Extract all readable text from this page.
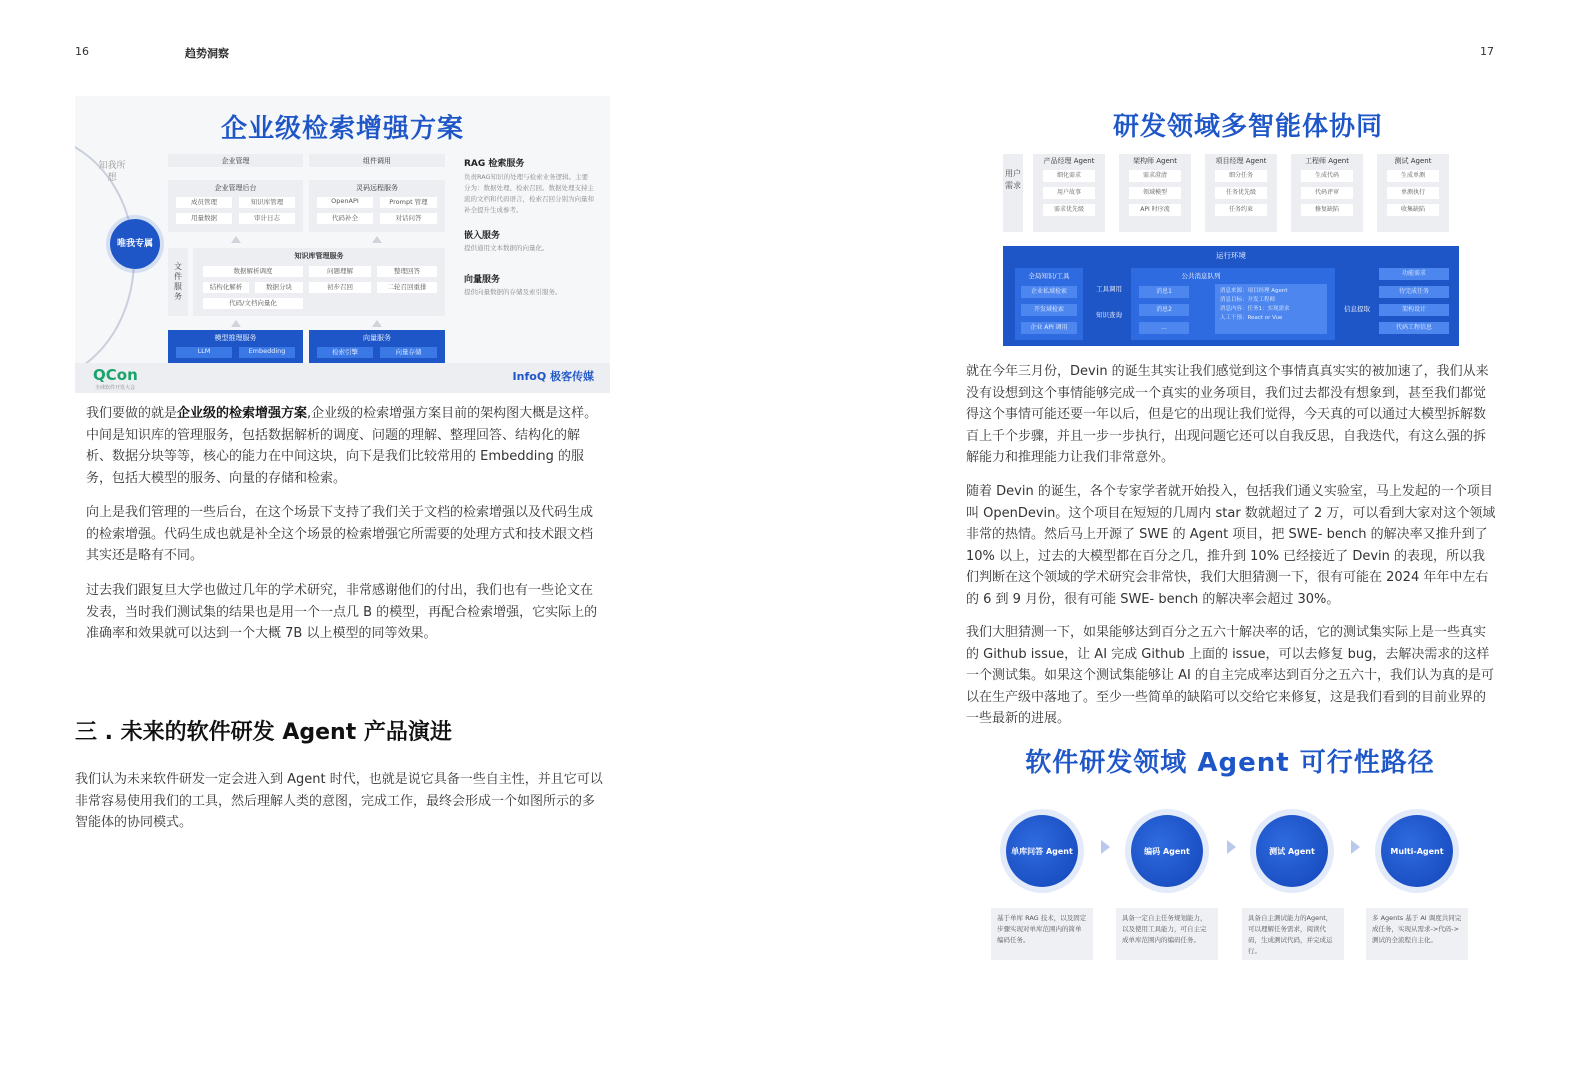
16	趋势洞察	17
企业级检索增强方案
知我所想
唯我专属
企业管理	组件调用
企业管理后台
成员管理	知识库管理
用量数据	审计日志
灵码远程服务
OpenAPI	Prompt 管理
代码补全	对话问答
文件服务
知识库管理服务
数据解析调度	问题理解	整理回答
结构化解析	数据分块	初步召回	二轮召回重排
代码/文档向量化
模型推理服务
LLM	Embedding
向量服务
检索引擎	向量存储
RAG 检索服务
负责RAG知识的处理与检索业务逻辑。主要分为：数据处理、检索召回。数据处理支持主流的文档和代码语言，检索召回分别为向量和补全提升生成参考。
嵌入服务
提供通用文本数据的向量化。
向量服务
提供向量数据的存储及索引服务。
QCon
全球软件开发大会
InfoQ 极客传媒
我们要做的就是企业级的检索增强方案,企业级的检索增强方案目前的架构图大概是这样。中间是知识库的管理服务，包括数据解析的调度、问题的理解、整理回答、结构化的解析、数据分块等等，核心的能力在中间这块，向下是我们比较常用的 Embedding 的服务，包括大模型的服务、向量的存储和检索。
向上是我们管理的一些后台，在这个场景下支持了我们关于文档的检索增强以及代码生成的检索增强。代码生成也就是补全这个场景的检索增强它所需要的处理方式和技术跟文档其实还是略有不同。
过去我们跟复旦大学也做过几年的学术研究，非常感谢他们的付出，我们也有一些论文在发表，当时我们测试集的结果也是用一个一点几 B 的模型，再配合检索增强，它实际上的准确率和效果就可以达到一个大概 7B 以上模型的同等效果。
三 . 未来的软件研发 Agent 产品演进
我们认为未来软件研发一定会进入到 Agent 时代，也就是说它具备一些自主性，并且它可以非常容易使用我们的工具，然后理解人类的意图，完成工作，最终会形成一个如图所示的多智能体的协同模式。
研发领域多智能体协同
用户需求
产品经理 Agent
细化需求
用户故事
需求优先级
架构师 Agent
需求澄清
领域模型
API 时序流
项目经理 Agent
细分任务
任务优先级
任务约束
工程师 Agent
生成代码
代码评审
修复缺陷
测试 Agent
生成单测
单测执行
收集缺陷
运行环境
全局知识/工具
企业私域检索
开发域检索
企业 API 调用
工具调用
知识查询
公共消息队列
消息1
消息2
...
消息来源：项目经理 Agent
消息目标：开发工程师
消息内容：任务1：实现需求
人工干预：React or Vue
信息提取
功能需求
待完成任务
架构设计
代码工程信息
就在今年三月份，Devin 的诞生其实让我们感觉到这个事情真真实实的被加速了，我们从来没有设想到这个事情能够完成一个真实的业务项目，我们过去都没有想象到，甚至我们都觉得这个事情可能还要一年以后，但是它的出现让我们觉得，今天真的可以通过大模型拆解数百上千个步骤，并且一步一步执行，出现问题它还可以自我反思，自我迭代，有这么强的拆解能力和推理能力让我们非常意外。
随着 Devin 的诞生，各个专家学者就开始投入，包括我们通义实验室，马上发起的一个项目叫 OpenDevin。这个项目在短短的几周内 star 数就超过了 2 万，可以看到大家对这个领域非常的热情。然后马上开源了 SWE 的 Agent 项目，把 SWE- bench 的解决率又推升到了 10% 以上，过去的大模型都在百分之几，推升到 10% 已经接近了 Devin 的表现，所以我们判断在这个领域的学术研究会非常快，我们大胆猜测一下，很有可能在 2024 年年中左右的 6 到 9 月份，很有可能 SWE- bench 的解决率会超过 30%。
我们大胆猜测一下，如果能够达到百分之五六十解决率的话，它的测试集实际上是一些真实的 Github issue，让 AI 完成 Github 上面的 issue，可以去修复 bug，去解决需求的这样一个测试集。如果这个测试集能够让 AI 的自主完成率达到百分之五六十，我们认为真的是可以在生产级中落地了。至少一些简单的缺陷可以交给它来修复，这是我们看到的目前业界的一些最新的进展。
软件研发领域 Agent 可行性路径
单库问答 Agent	编码 Agent	测试 Agent	Multi-Agent
基于单库 RAG 技术，以及固定步骤实现对单库范围内的简单编码任务。
具备一定自主任务规划能力，以及使用工具能力，可自主完成单库范围内的编码任务。
具备自主测试能力的Agent，可以理解任务需求，阅读代码，生成测试代码，并完成运行。
多 Agents 基于 AI 调度共同完成任务，实现从需求->代码->测试的全流程自主化。
